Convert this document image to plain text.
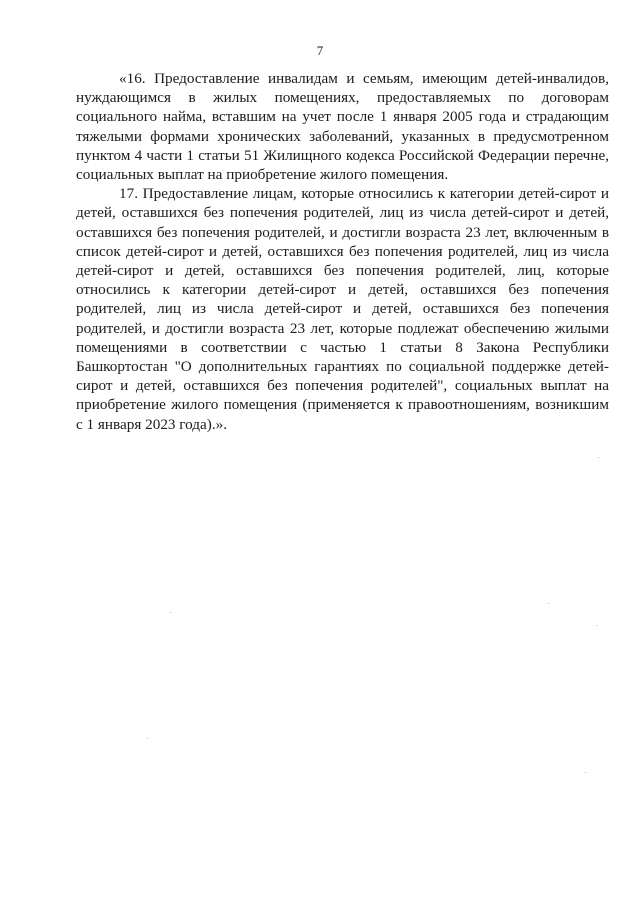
7

«16. Предоставление инвалидам и семьям, имеющим детей-инвалидов, нуждающимся в жилых помещениях, предоставляемых по договорам социального найма, вставшим на учет после 1 января 2005 года и страдающим тяжелыми формами хронических заболеваний, указанных в предусмотренном пунктом 4 части 1 статьи 51 Жилищного кодекса Российской Федерации перечне, социальных выплат на приобретение жилого помещения.

17. Предоставление лицам, которые относились к категории детей-сирот и детей, оставшихся без попечения родителей, лиц из числа детей-сирот и детей, оставшихся без попечения родителей, и достигли возраста 23 лет, включенным в список детей-сирот и детей, оставшихся без попечения родителей, лиц из числа детей-сирот и детей, оставшихся без попечения родителей, лиц, которые относились к категории детей-сирот и детей, оставшихся без попечения родителей, лиц из числа детей-сирот и детей, оставшихся без попечения родителей, и достигли возраста 23 лет, которые подлежат обеспечению жилыми помещениями в соответствии с частью 1 статьи 8 Закона Республики Башкортостан "О дополнительных гарантиях по социальной поддержке детей-сирот и детей, оставшихся без попечения родителей", социальных выплат на приобретение жилого помещения (применяется к правоотношениям, возникшим с 1 января 2023 года).».
